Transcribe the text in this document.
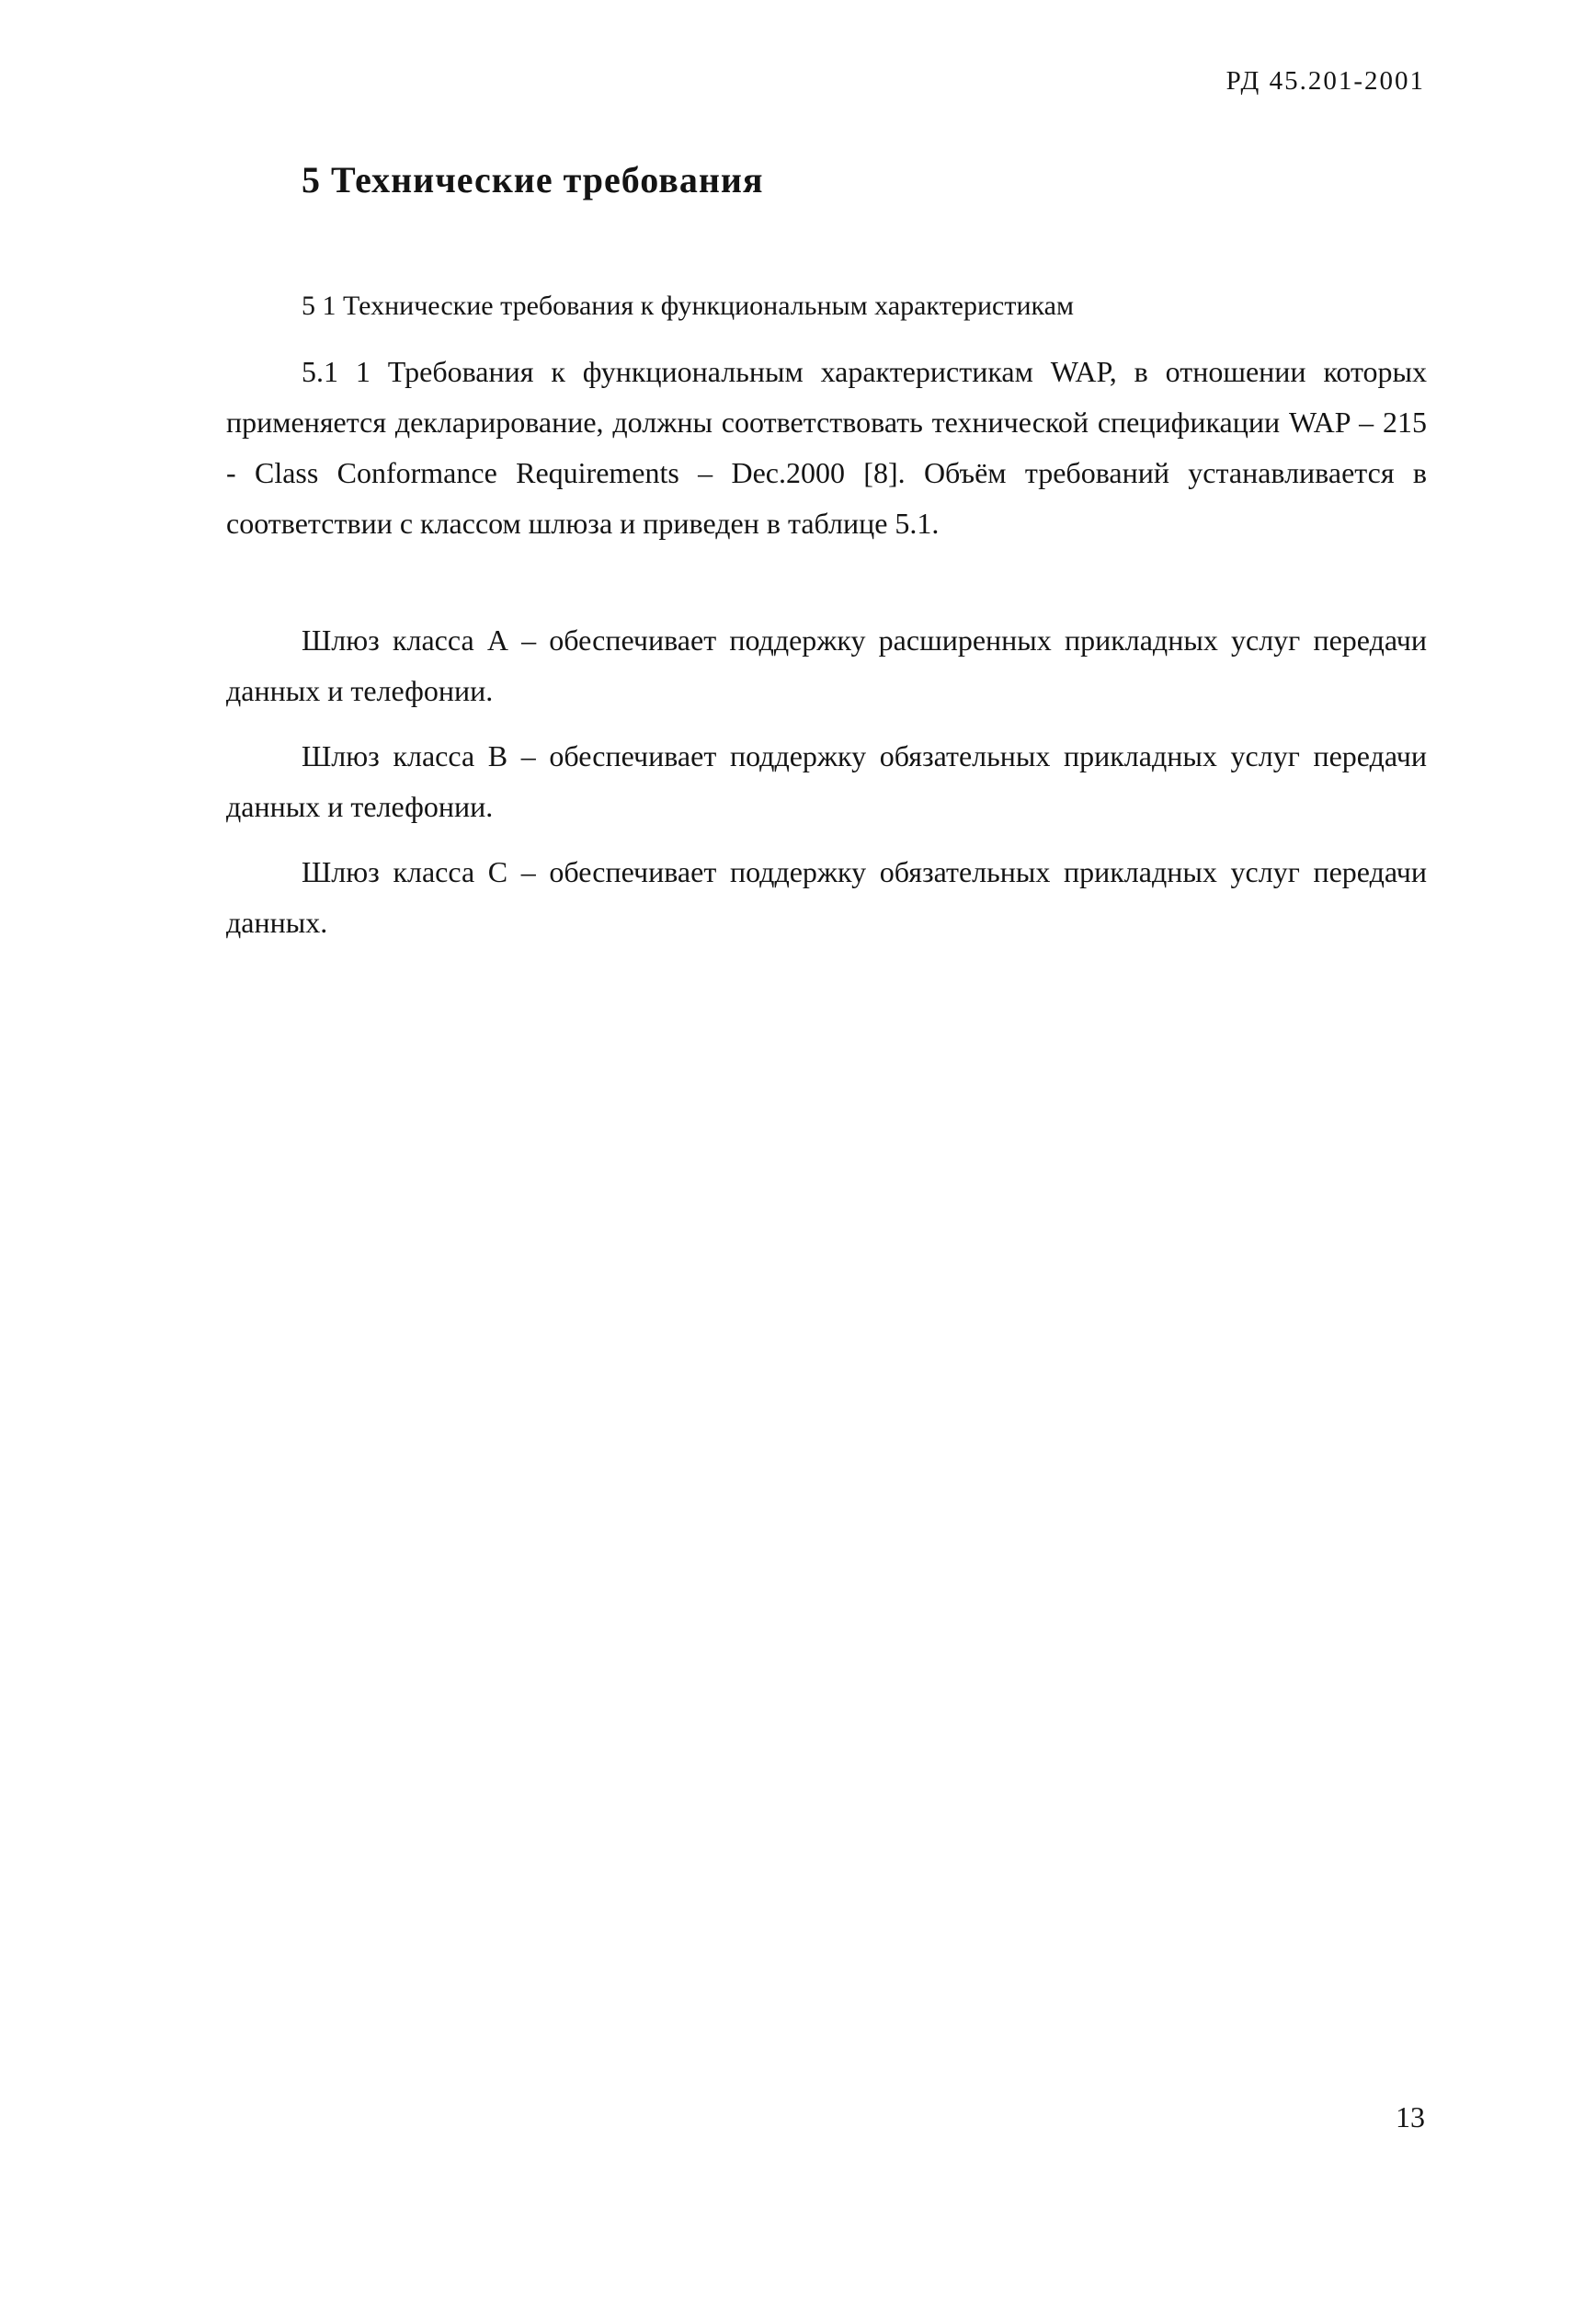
РД 45.201-2001
5 Технические требования
5 1 Технические требования к функциональным характеристикам

5.1 1 Требования к функциональным характеристикам WAP, в отношении которых применяется декларирование, должны соответствовать технической спецификации WAP – 215 - Class Conformance Requirements – Dec.2000 [8]. Объём требований устанавливается в соответствии с классом шлюза и приведен в таблице 5.1.

Шлюз класса А – обеспечивает поддержку расширенных прикладных услуг передачи данных и телефонии.

Шлюз класса В – обеспечивает поддержку обязательных прикладных услуг передачи данных и телефонии.

Шлюз класса С – обеспечивает поддержку обязательных прикладных услуг передачи данных.

13
